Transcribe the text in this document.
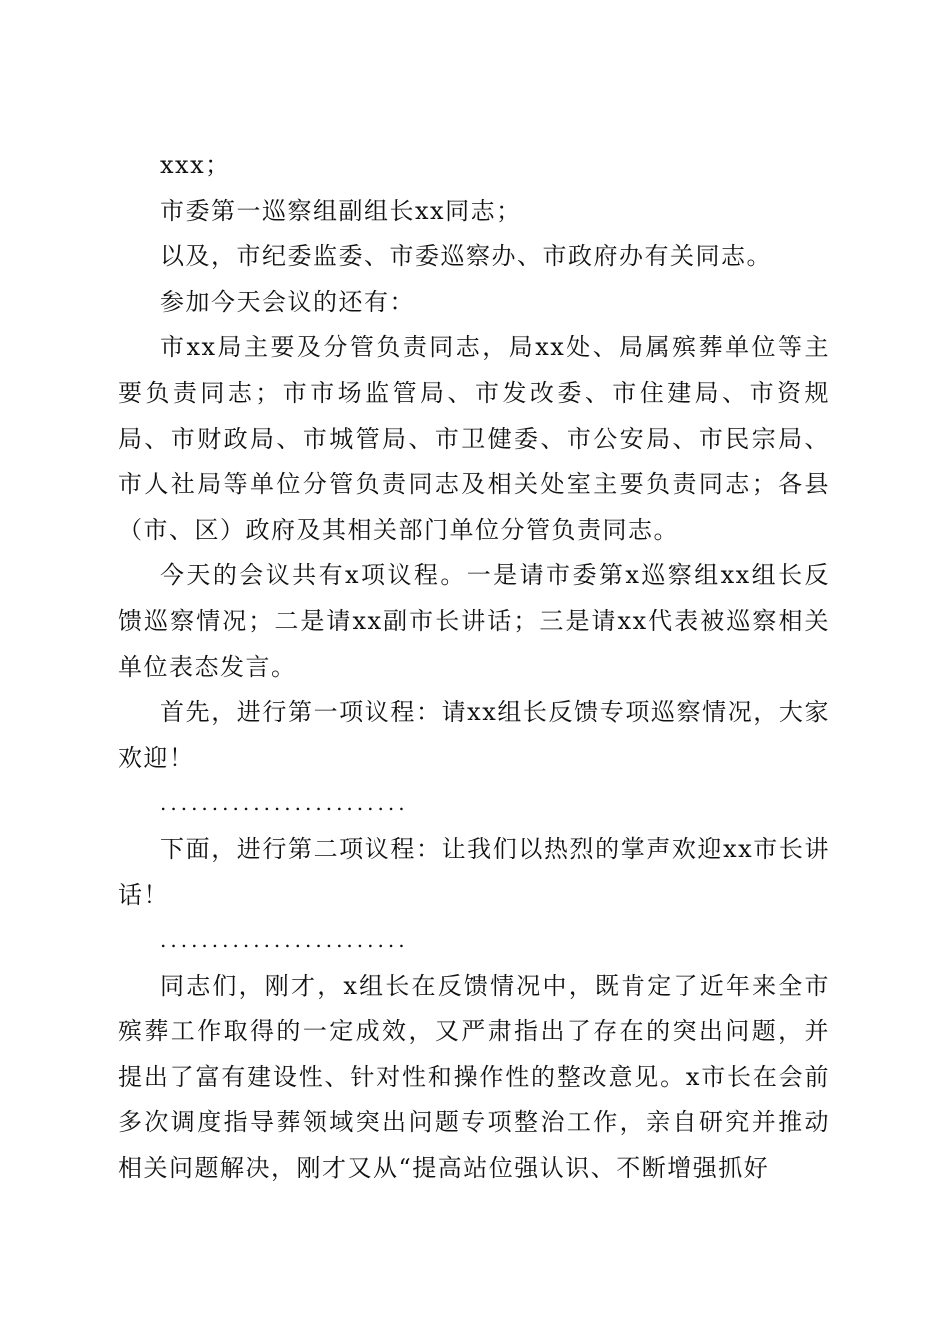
xxx；

市委第一巡察组副组长xx同志；

以及，市纪委监委、市委巡察办、市政府办有关同志。

参加今天会议的还有：

市xx局主要及分管负责同志，局xx处、局属殡葬单位等主要负责同志；市市场监管局、市发改委、市住建局、市资规局、市财政局、市城管局、市卫健委、市公安局、市民宗局、市人社局等单位分管负责同志及相关处室主要负责同志；各县（市、区）政府及其相关部门单位分管负责同志。

今天的会议共有x项议程。一是请市委第x巡察组xx组长反馈巡察情况；二是请xx副市长讲话；三是请xx代表被巡察相关单位表态发言。

首先，进行第一项议程：请xx组长反馈专项巡察情况，大家欢迎！

........................

下面，进行第二项议程：让我们以热烈的掌声欢迎xx市长讲话！

........................

同志们，刚才，x组长在反馈情况中，既肯定了近年来全市殡葬工作取得的一定成效，又严肃指出了存在的突出问题，并提出了富有建设性、针对性和操作性的整改意见。x市长在会前多次调度指导葬领域突出问题专项整治工作，亲自研究并推动相关问题解决，刚才又从“提高站位强认识、不断增强抓好
